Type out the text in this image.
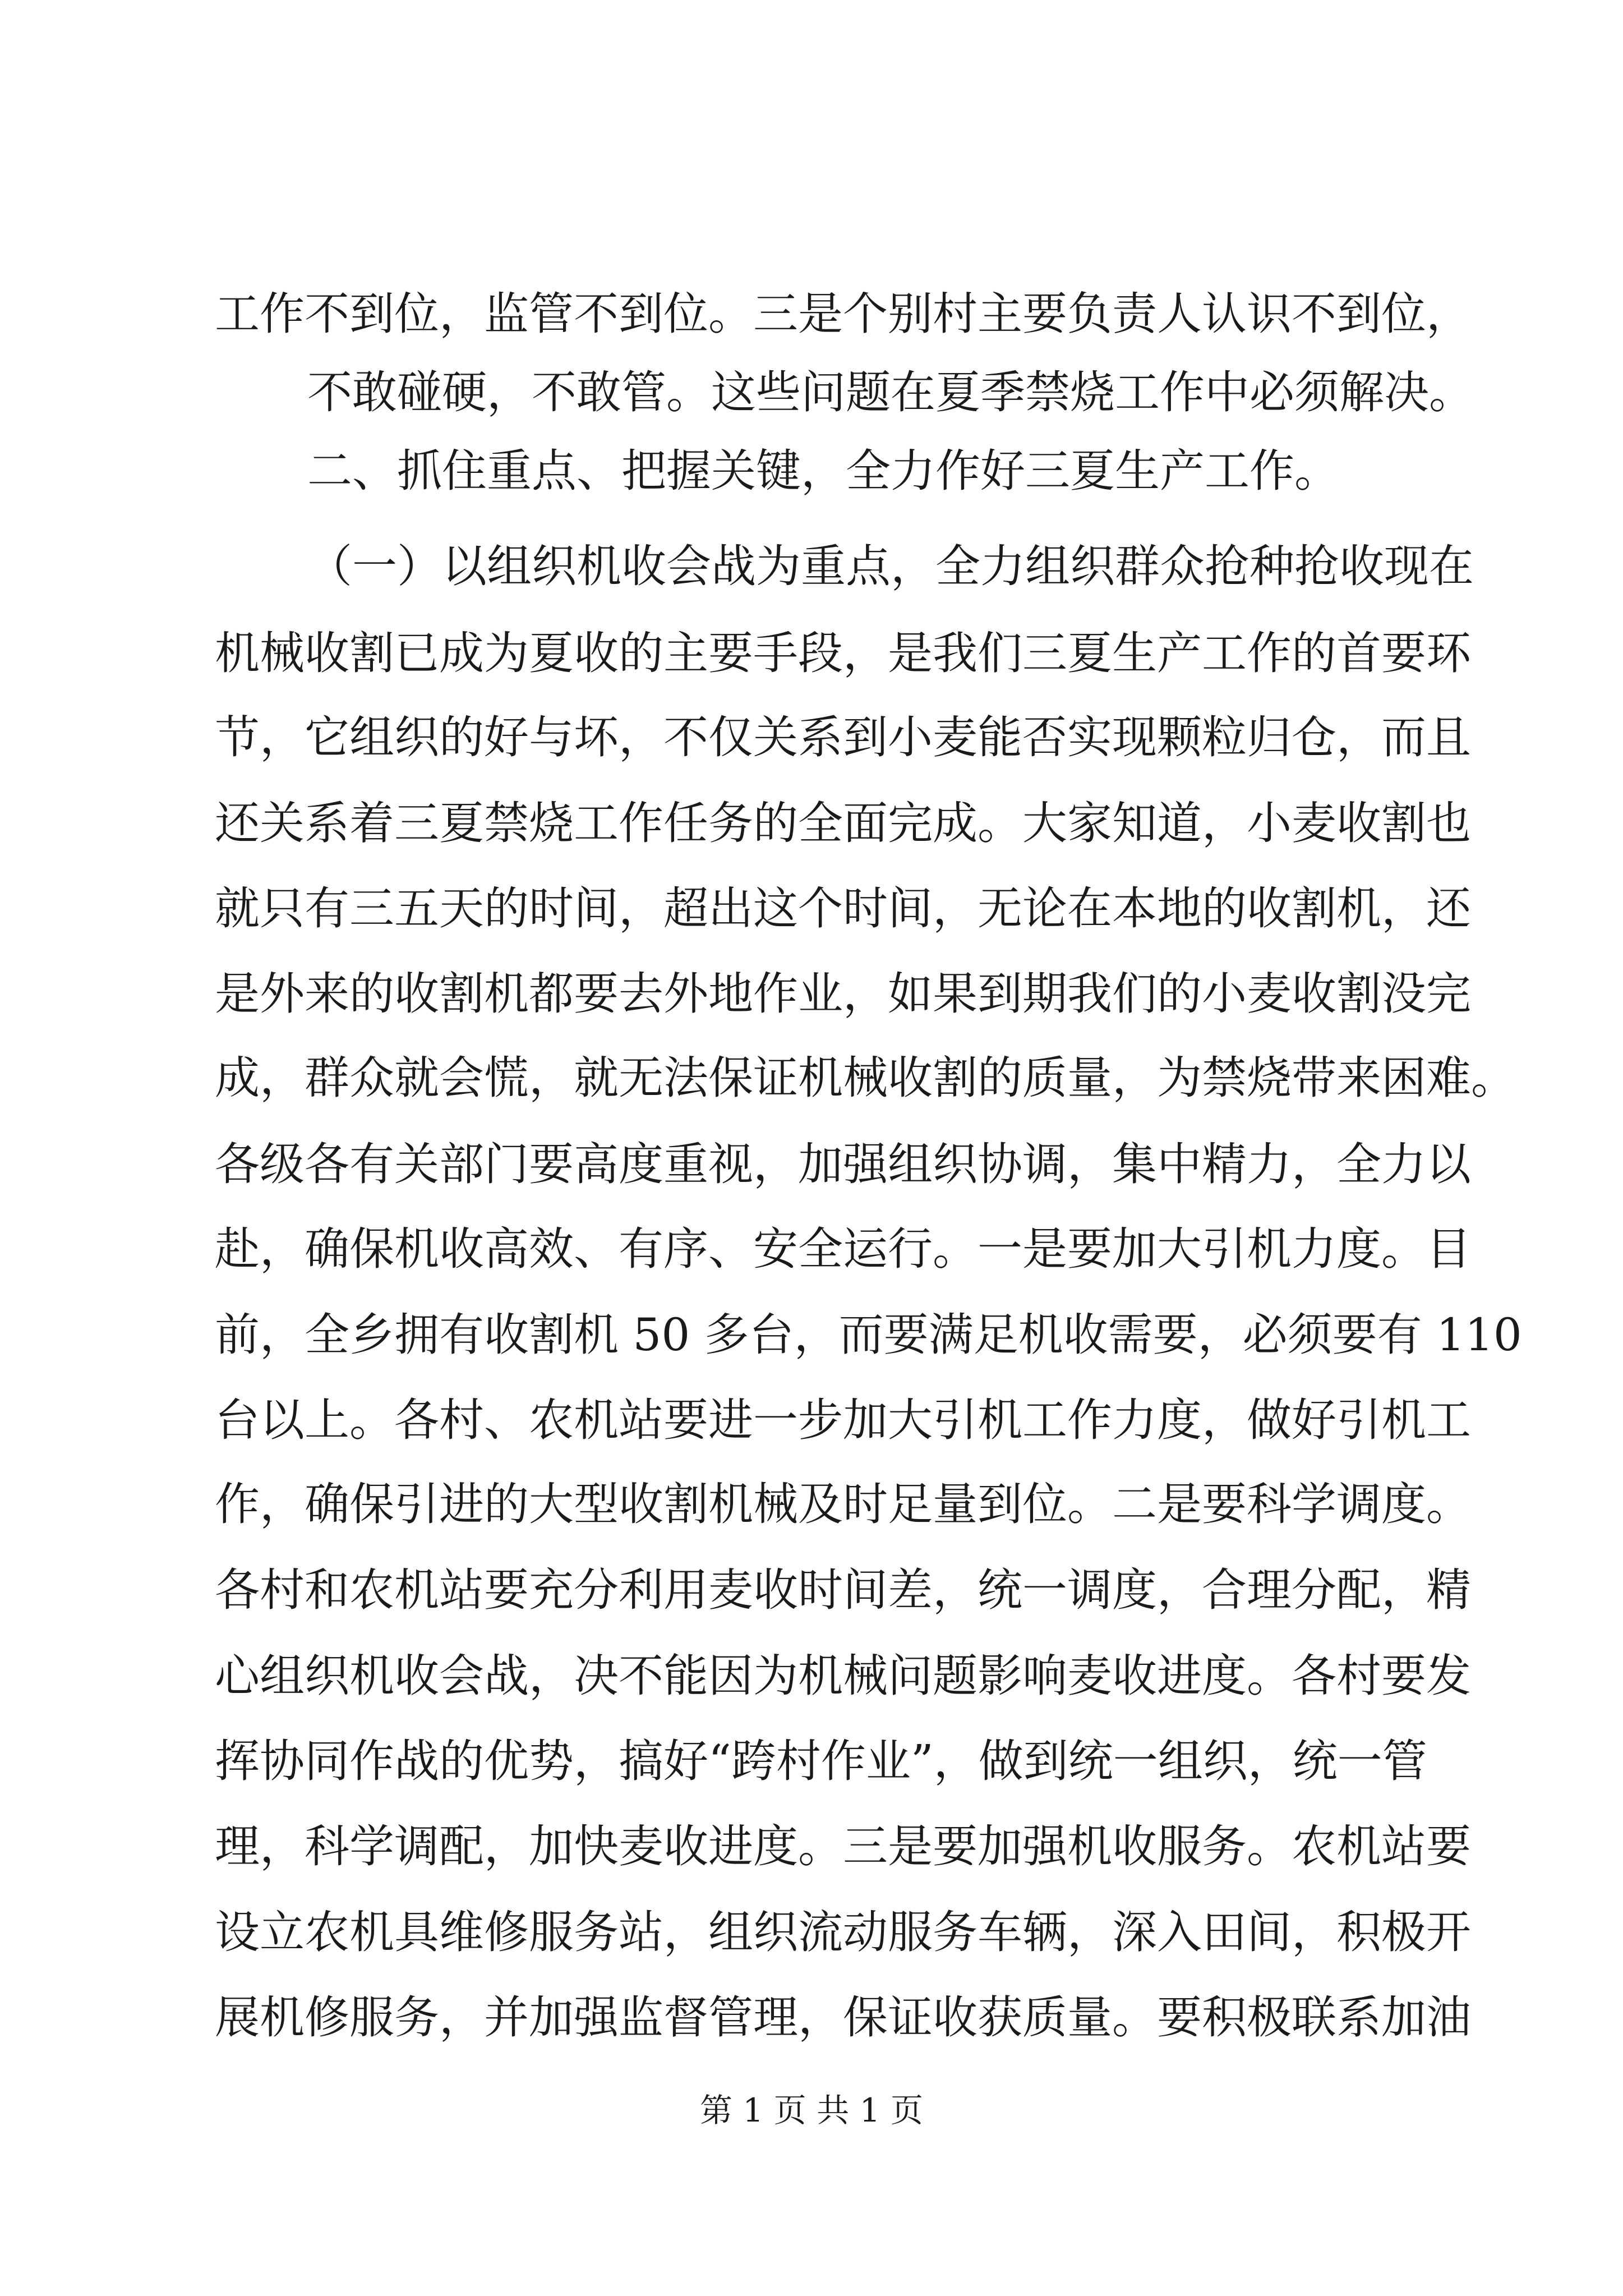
工作不到位，监管不到位。三是个别村主要负责人认识不到位，
不敢碰硬，不敢管。这些问题在夏季禁烧工作中必须解决。
二、抓住重点、把握关键，全力作好三夏生产工作。
（一）以组织机收会战为重点，全力组织群众抢种抢收现在
机械收割已成为夏收的主要手段，是我们三夏生产工作的首要环
节，它组织的好与坏，不仅关系到小麦能否实现颗粒归仓，而且
还关系着三夏禁烧工作任务的全面完成。大家知道，小麦收割也
就只有三五天的时间，超出这个时间，无论在本地的收割机，还
是外来的收割机都要去外地作业，如果到期我们的小麦收割没完
成，群众就会慌，就无法保证机械收割的质量，为禁烧带来困难。
各级各有关部门要高度重视，加强组织协调，集中精力，全力以
赴，确保机收高效、有序、安全运行。一是要加大引机力度。目
前，全乡拥有收割机 50 多台，而要满足机收需要，必须要有 110
台以上。各村、农机站要进一步加大引机工作力度，做好引机工
作，确保引进的大型收割机械及时足量到位。二是要科学调度。
各村和农机站要充分利用麦收时间差，统一调度，合理分配，精
心组织机收会战，决不能因为机械问题影响麦收进度。各村要发
挥协同作战的优势，搞好“跨村作业”，做到统一组织，统一管
理，科学调配，加快麦收进度。三是要加强机收服务。农机站要
设立农机具维修服务站，组织流动服务车辆，深入田间，积极开
展机修服务，并加强监督管理，保证收获质量。要积极联系加油
第 1 页 共 1 页
